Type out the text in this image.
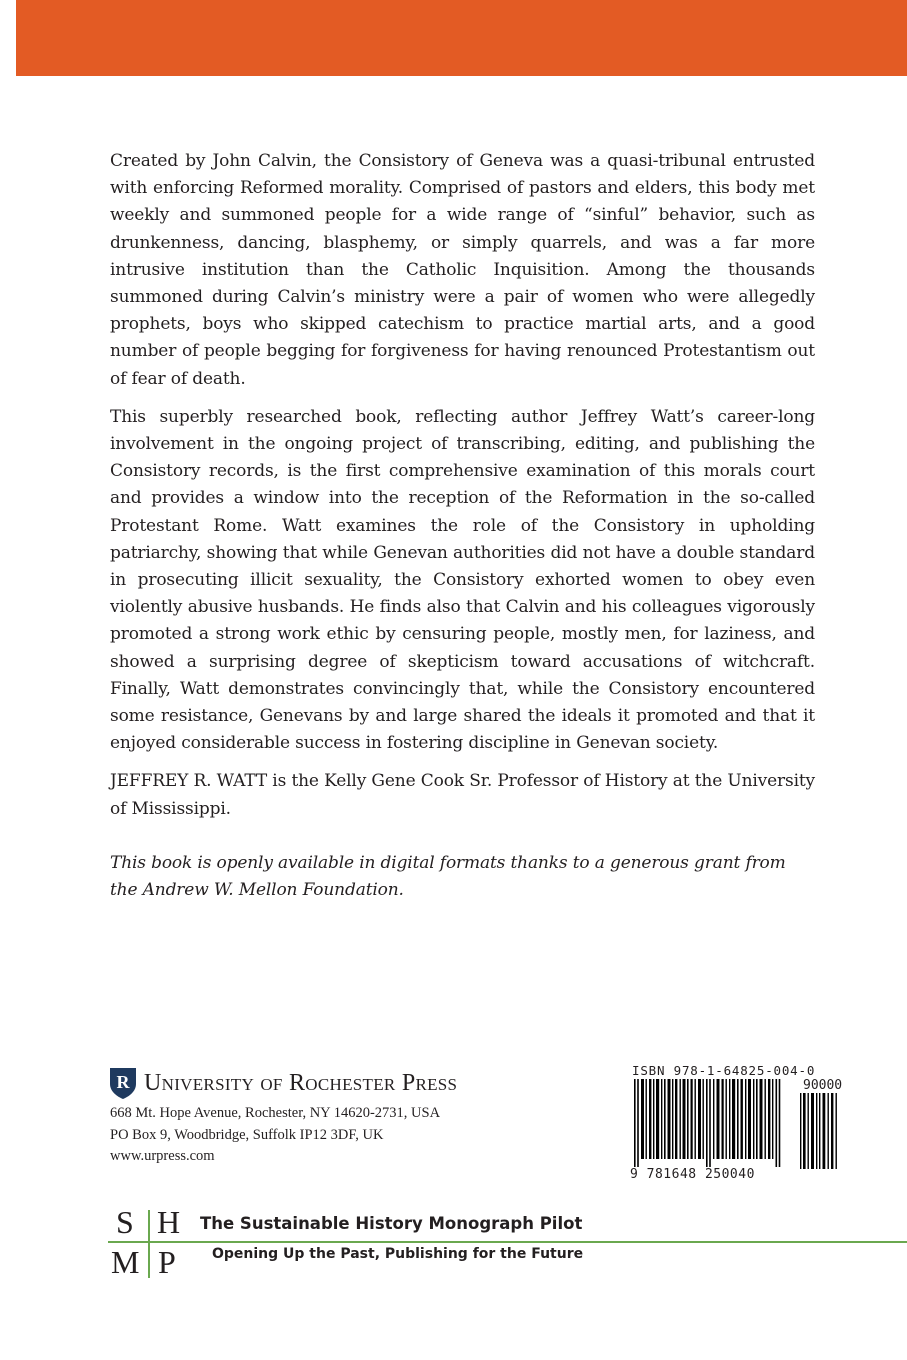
Created by John Calvin, the Consistory of Geneva was a quasi-tribunal entrusted with enforcing Reformed morality. Comprised of pastors and elders, this body met weekly and summoned people for a wide range of “sinful” behavior, such as drunkenness, dancing, blasphemy, or simply quarrels, and was a far more intrusive institution than the Catholic Inquisition. Among the thousands summoned during Calvin’s ministry were a pair of women who were allegedly prophets, boys who skipped catechism to practice martial arts, and a good number of people begging for forgiveness for having renounced Protestantism out of fear of death.

This superbly researched book, reflecting author Jeffrey Watt’s career-long involvement in the ongoing project of transcribing, editing, and publishing the Consistory records, is the first comprehensive examination of this morals court and provides a window into the reception of the Reformation in the so-called Protestant Rome. Watt examines the role of the Consistory in upholding patriarchy, showing that while Genevan authorities did not have a double standard in prosecuting illicit sexuality, the Consistory exhorted women to obey even violently abusive husbands. He finds also that Calvin and his colleagues vigorously promoted a strong work ethic by censuring people, mostly men, for laziness, and showed a surprising degree of skepticism toward accusations of witchcraft. Finally, Watt demonstrates convincingly that, while the Consistory encountered some resistance, Genevans by and large shared the ideals it promoted and that it enjoyed considerable success in fostering discipline in Genevan society.

JEFFREY R. WATT is the Kelly Gene Cook Sr. Professor of History at the University of Mississippi.

This book is openly available in digital formats thanks to a generous grant from the Andrew W. Mellon Foundation.
R University of Rochester Press
668 Mt. Hope Avenue, Rochester, NY 14620-2731, USA
PO Box 9, Woodbridge, Suffolk IP12 3DF, UK
www.urpress.com
ISBN 978-1-64825-004-0
90000
9 781648 250040
S H
M P
The Sustainable History Monograph Pilot
Opening Up the Past, Publishing for the Future
